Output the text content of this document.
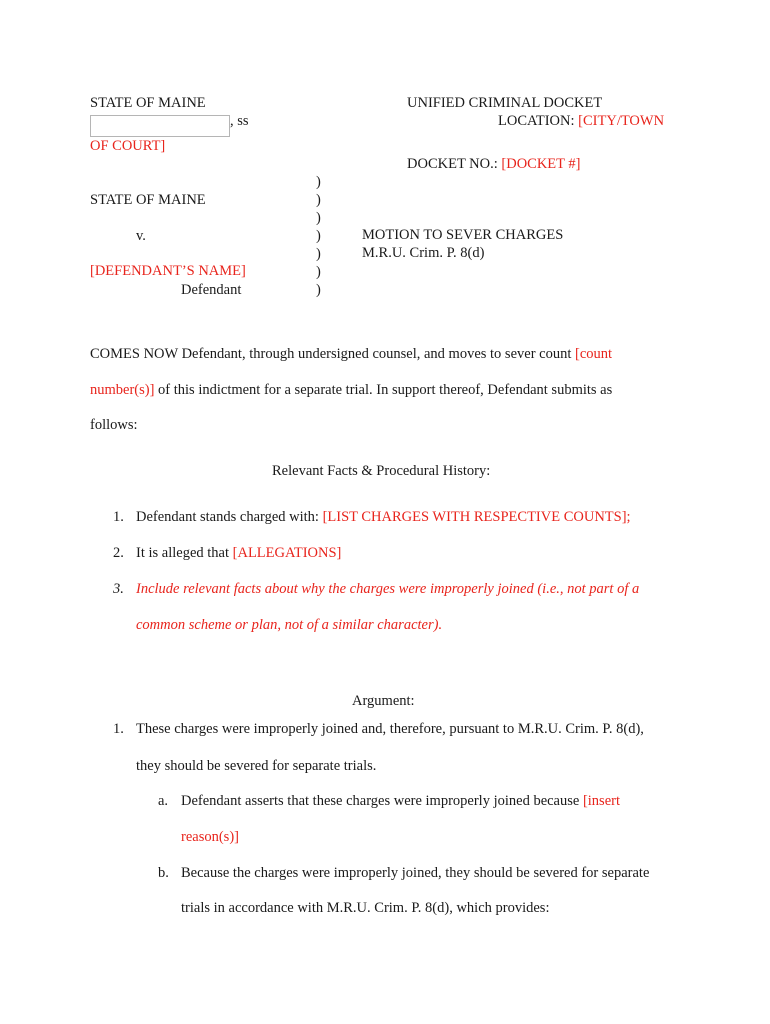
STATE OF MAINE
, ss
OF COURT]
UNIFIED CRIMINAL DOCKET
LOCATION: [CITY/TOWN
DOCKET NO.: [DOCKET #]
)
)
)
)
)
)
)
STATE OF MAINE
v.
[DEFENDANT’S NAME]
Defendant
MOTION TO SEVER CHARGES
M.R.U. Crim. P. 8(d)
COMES NOW Defendant, through undersigned counsel, and moves to sever count [count
number(s)] of this indictment for a separate trial. In support thereof, Defendant submits as
follows:
Relevant Facts & Procedural History:
1. Defendant stands charged with: [LIST CHARGES WITH RESPECTIVE COUNTS];
2. It is alleged that [ALLEGATIONS]
3. Include relevant facts about why the charges were improperly joined (i.e., not part of a
common scheme or plan, not of a similar character).
Argument:
1. These charges were improperly joined and, therefore, pursuant to M.R.U. Crim. P. 8(d),
they should be severed for separate trials.
a. Defendant asserts that these charges were improperly joined because [insert
reason(s)]
b. Because the charges were improperly joined, they should be severed for separate
trials in accordance with M.R.U. Crim. P. 8(d), which provides:
